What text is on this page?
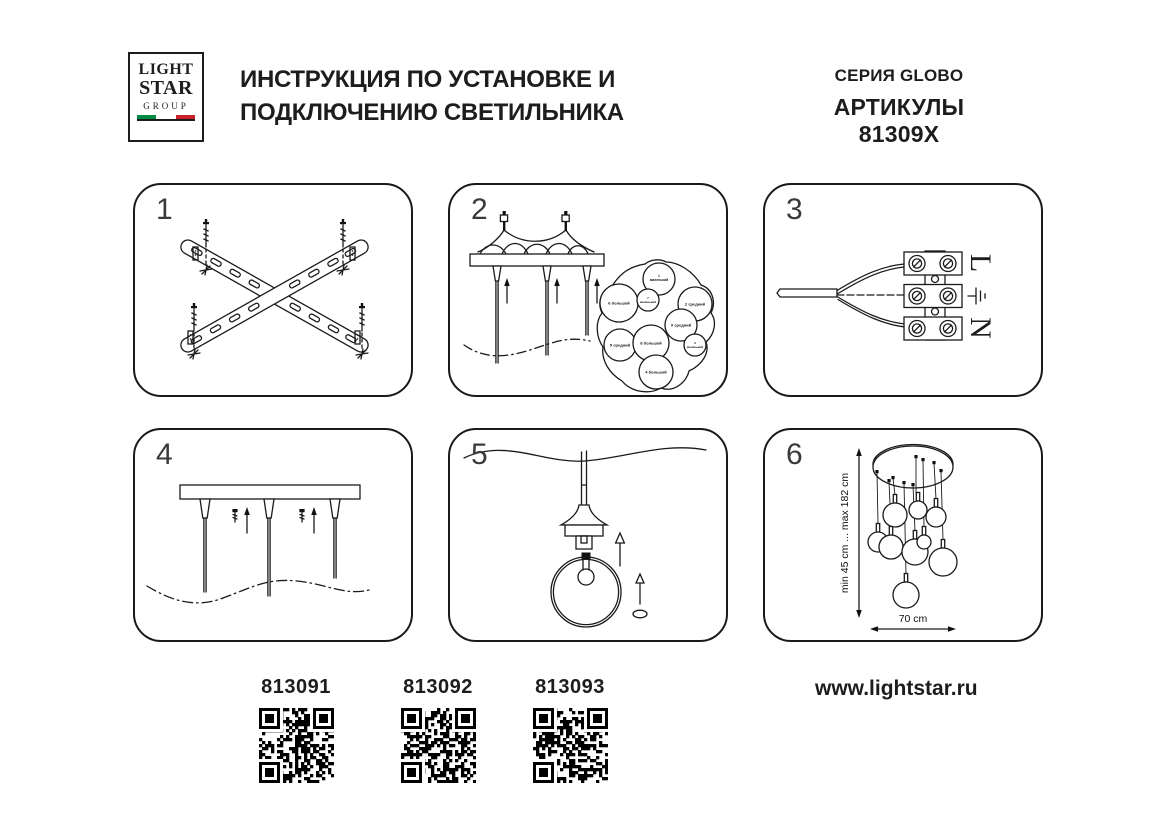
LIGHT
STAR
GROUP
ИНСТРУКЦИЯ ПО УСТАНОВКЕ И
ПОДКЛЮЧЕНИЮ СВЕТИЛЬНИКА
СЕРИЯ GLOBO
АРТИКУЛЫ 81309X
1
1 маленький
6большой
7 маленький	2средний
9средний
3 маленький
5средний	8большой
4большой
2
L
N
3
4	5
min 45 cm ... max 182 cm
70 cm
6
813091	813092	813093	www.lightstar.ru
